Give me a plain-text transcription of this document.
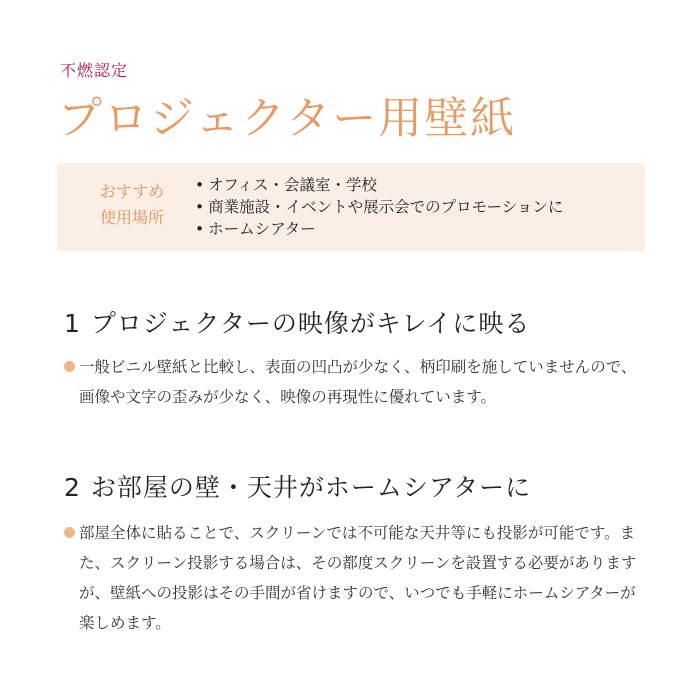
不燃認定
プロジェクター用壁紙
おすすめ
使用場所
• オフィス・会議室・学校
• 商業施設・イベントや展示会でのプロモーションに
• ホームシアター
1 プロジェクターの映像がキレイに映る

一般ビニル壁紙と比較し、表面の凹凸が少なく、柄印刷を施していませんので、画像や文字の歪みが少なく、映像の再現性に優れています。

2 お部屋の壁・天井がホームシアターに

部屋全体に貼ることで、スクリーンでは不可能な天井等にも投影が可能です。また、スクリーン投影する場合は、その都度スクリーンを設置する必要がありますが、壁紙への投影はその手間が省けますので、いつでも手軽にホームシアターが楽しめます。
